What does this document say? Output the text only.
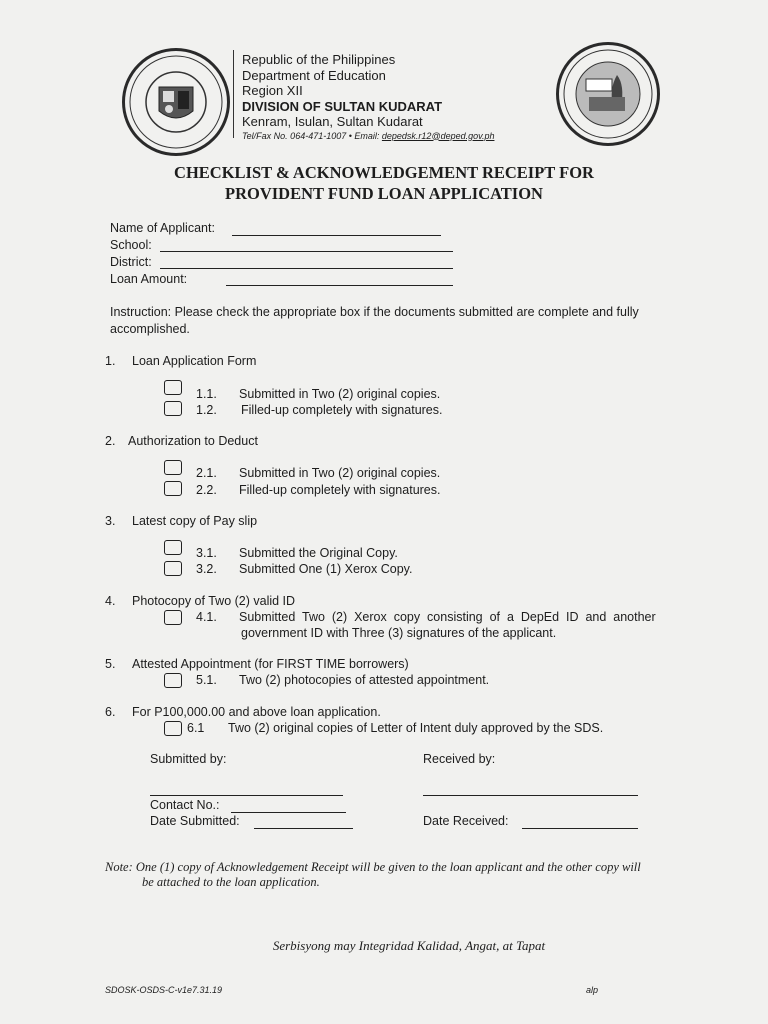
Republic of the Philippines
Department of Education
Region XII
DIVISION OF SULTAN KUDARAT
Kenram, Isulan, Sultan Kudarat
Tel/Fax No. 064-471-1007 • Email: depedsk.r12@deped.gov.ph
CHECKLIST & ACKNOWLEDGEMENT RECEIPT FOR
PROVIDENT FUND LOAN APPLICATION
Name of Applicant:
School:
District:
Loan Amount:
Instruction: Please check the appropriate box if the documents submitted are complete and fully
accomplished.
1. Loan Application Form
1.1. Submitted in Two (2) original copies.
1.2. Filled-up completely with signatures.
2. Authorization to Deduct
2.1. Submitted in Two (2) original copies.
2.2. Filled-up completely with signatures.
3. Latest copy of Pay slip
3.1. Submitted the Original Copy.
3.2. Submitted One (1) Xerox Copy.
4. Photocopy of Two (2) valid ID
4.1. Submitted  Two  (2)  Xerox  copy  consisting  of  a  DepEd  ID  and  another
government ID with Three (3) signatures of the applicant.
5. Attested Appointment (for FIRST TIME borrowers)
5.1. Two (2) photocopies of attested appointment.
6. For P100,000.00 and above loan application.
6.1 Two (2) original copies of Letter of Intent duly approved by the SDS.
Submitted by:	Received by:
Contact No.:
Date Submitted:	Date Received:
Note: One (1) copy of Acknowledgement Receipt will be given to the loan applicant and the other copy will
be attached to the loan application.
Serbisyong may Integridad Kalidad, Angat, at Tapat
SDOSK-OSDS-C-v1e7.31.19	alp
